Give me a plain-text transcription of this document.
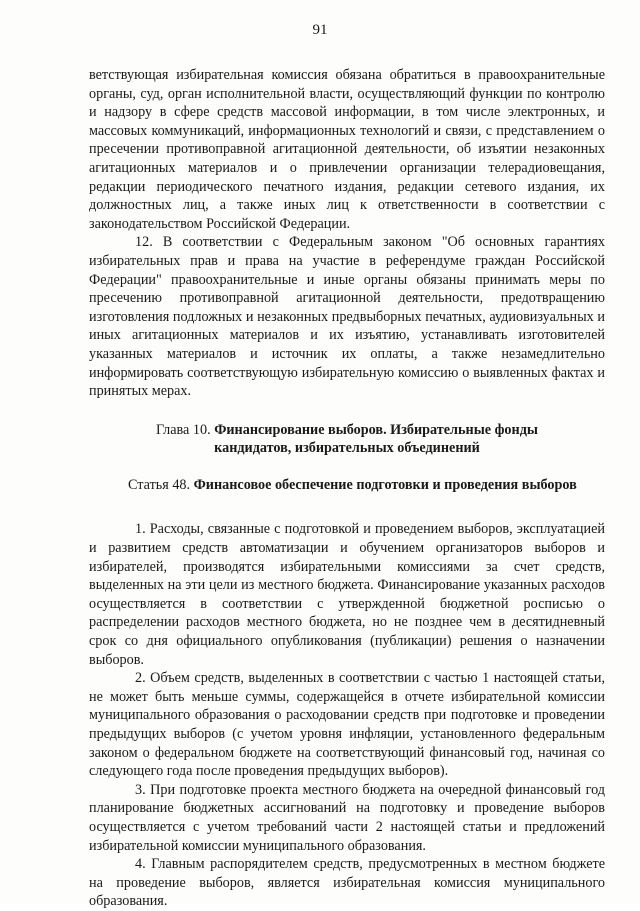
91

ветствующая избирательная комиссия обязана обратиться в правоохранительные органы, суд, орган исполнительной власти, осуществляющий функции по контролю и надзору в сфере средств массовой информации, в том числе электронных, и массовых коммуникаций, информационных технологий и связи, с представлением о пресечении противоправной агитационной деятельности, об изъятии незаконных агитационных материалов и о привлечении организации телерадиовещания, редакции периодического печатного издания, редакции сетевого издания, их должностных лиц, а также иных лиц к ответственности в соответствии с законодательством Российской Федерации.

12. В соответствии с Федеральным законом "Об основных гарантиях избирательных прав и права на участие в референдуме граждан Российской Федерации" правоохранительные и иные органы обязаны принимать меры по пресечению противоправной агитационной деятельности, предотвращению изготовления подложных и незаконных предвыборных печатных, аудиовизуальных и иных агитационных материалов и их изъятию, устанавливать изготовителей указанных материалов и источник их оплаты, а также незамедлительно информировать соответствующую избирательную комиссию о выявленных фактах и принятых мерах.

Глава 10. Финансирование выборов. Избирательные фонды
кандидатов, избирательных объединений

Статья 48. Финансовое обеспечение подготовки и проведения выборов

1. Расходы, связанные с подготовкой и проведением выборов, эксплуатацией и развитием средств автоматизации и обучением организаторов выборов и избирателей, производятся избирательными комиссиями за счет средств, выделенных на эти цели из местного бюджета. Финансирование указанных расходов осуществляется в соответствии с утвержденной бюджетной росписью о распределении расходов местного бюджета, но не позднее чем в десятидневный срок со дня официального опубликования (публикации) решения о назначении выборов.

2. Объем средств, выделенных в соответствии с частью 1 настоящей статьи, не может быть меньше суммы, содержащейся в отчете избирательной комиссии муниципального образования о расходовании средств при подготовке и проведении предыдущих выборов (с учетом уровня инфляции, установленного федеральным законом о федеральном бюджете на соответствующий финансовый год, начиная со следующего года после проведения предыдущих выборов).

3. При подготовке проекта местного бюджета на очередной финансовый год планирование бюджетных ассигнований на подготовку и проведение выборов осуществляется с учетом требований части 2 настоящей статьи и предложений избирательной комиссии муниципального образования.

4. Главным распорядителем средств, предусмотренных в местном бюджете на проведение выборов, является избирательная комиссия муниципального образования.
